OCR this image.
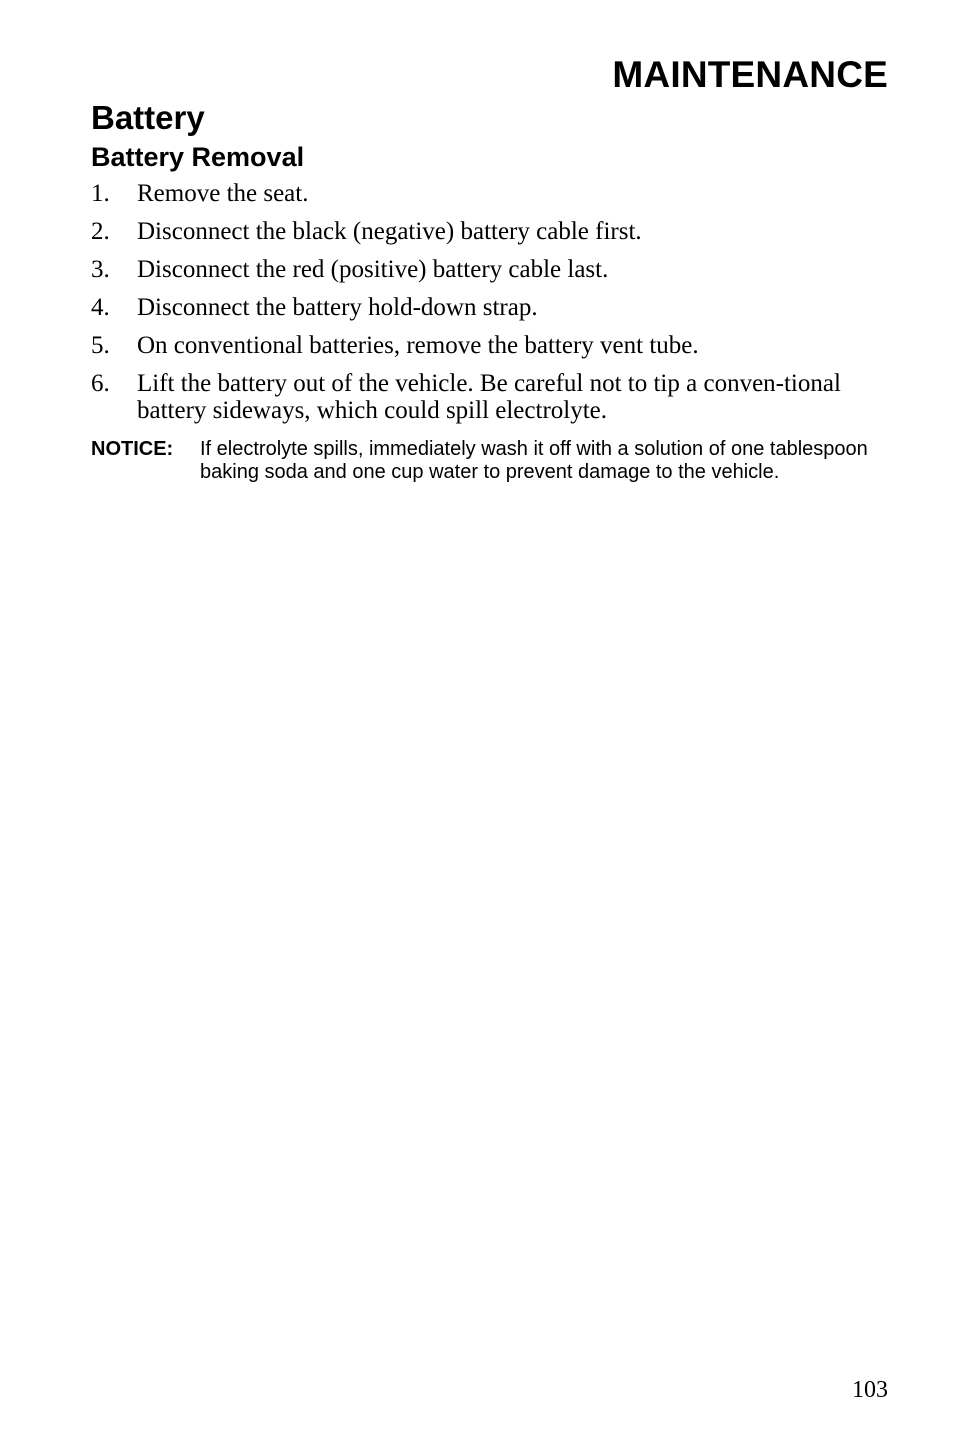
MAINTENANCE
Battery
Battery Removal
1. Remove the seat.
2. Disconnect the black (negative) battery cable first.
3. Disconnect the red (positive) battery cable last.
4. Disconnect the battery hold-down strap.
5. On conventional batteries, remove the battery vent tube.
6. Lift the battery out of the vehicle. Be careful not to tip a conven-tional battery sideways, which could spill electrolyte.
NOTICE: If electrolyte spills, immediately wash it off with a solution of one tablespoon baking soda and one cup water to prevent damage to the vehicle.
103
